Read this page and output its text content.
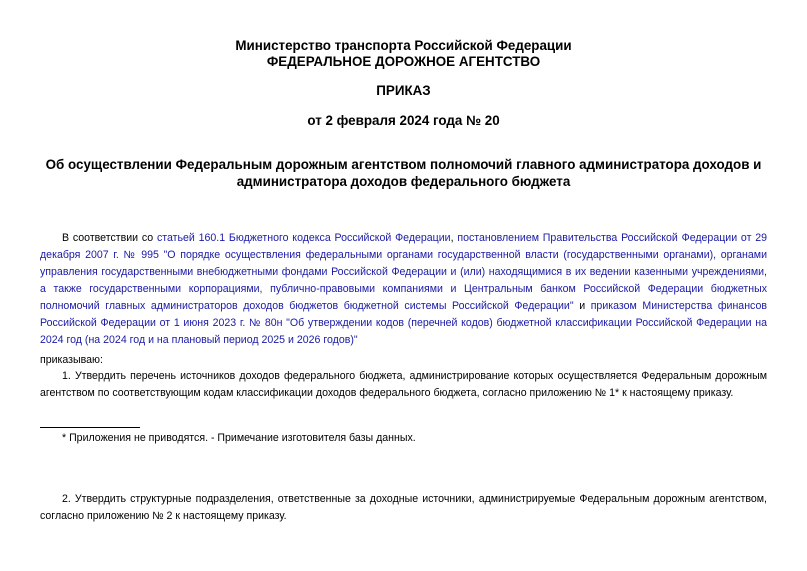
Министерство транспорта Российской Федерации
ФЕДЕРАЛЬНОЕ ДОРОЖНОЕ АГЕНТСТВО
ПРИКАЗ
от 2 февраля 2024 года № 20
Об осуществлении Федеральным дорожным агентством полномочий главного администратора доходов и администратора доходов федерального бюджета
В соответствии со статьей 160.1 Бюджетного кодекса Российской Федерации, постановлением Правительства Российской Федерации от 29 декабря 2007 г. № 995 "О порядке осуществления федеральными органами государственной власти (государственными органами), органами управления государственными внебюджетными фондами Российской Федерации и (или) находящимися в их ведении казенными учреждениями, а также государственными корпорациями, публично-правовыми компаниями и Центральным банком Российской Федерации бюджетных полномочий главных администраторов доходов бюджетов бюджетной системы Российской Федерации" и приказом Министерства финансов Российской Федерации от 1 июня 2023 г. № 80н "Об утверждении кодов (перечней кодов) бюджетной классификации Российской Федерации на 2024 год (на 2024 год и на плановый период 2025 и 2026 годов)"
приказываю:
1. Утвердить перечень источников доходов федерального бюджета, администрирование которых осуществляется Федеральным дорожным агентством по соответствующим кодам классификации доходов федерального бюджета, согласно приложению № 1* к настоящему приказу.
* Приложения не приводятся. - Примечание изготовителя базы данных.
2. Утвердить структурные подразделения, ответственные за доходные источники, администрируемые Федеральным дорожным агентством, согласно приложению № 2 к настоящему приказу.
